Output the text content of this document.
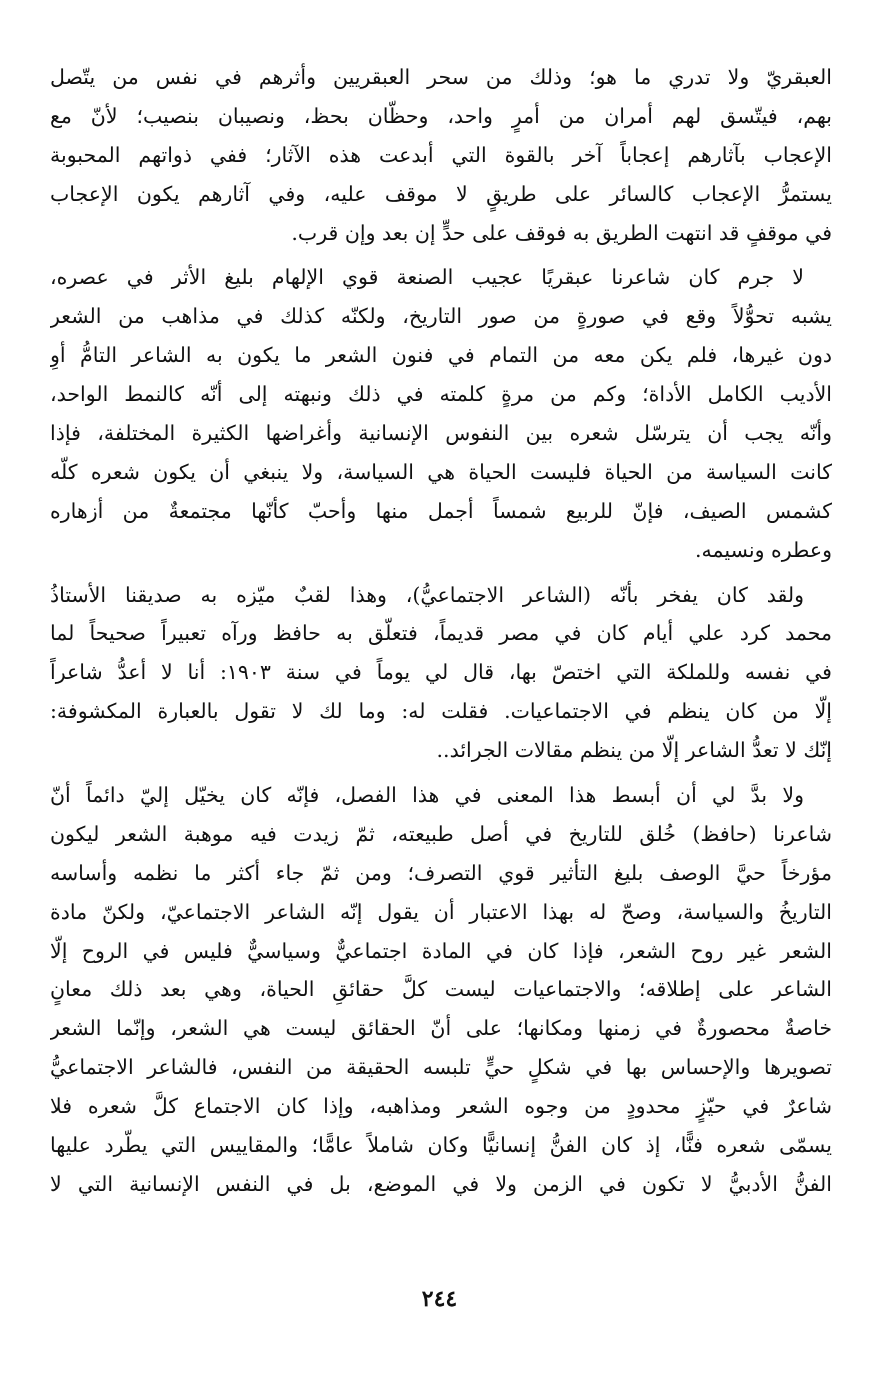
العبقريّ ولا تدري ما هو؛ وذلك من سحر العبقريين وأثرهم في نفس من يتّصل
بهم، فيتّسق لهم أمران من أمرٍ واحد، وحظّان بحظ، ونصيبان بنصيب؛ لأنّ مع
الإعجاب بآثارهم إعجاباً آخر بالقوة التي أبدعت هذه الآثار؛ ففي ذواتهم المحبوبة
يستمرُّ الإعجاب كالسائر على طريقٍ لا موقف عليه، وفي آثارهم يكون الإعجاب
في موقفٍ قد انتهت الطريق به فوقف على حدٍّ إن بعد وإن قرب.
لا جرم كان شاعرنا عبقريًا عجيب الصنعة قوي الإلهام بليغ الأثر في عصره،
يشبه تحوُّلاً وقع في صورةٍ من صور التاريخ، ولكنّه كذلك في مذاهب من الشعر
دون غيرها، فلم يكن معه من التمام في فنون الشعر ما يكون به الشاعر التامُّ أوِ
الأديب الكامل الأداة؛ وكم من مرةٍ كلمته في ذلك ونبهته إلى أنّه كالنمط الواحد،
وأنّه يجب أن يترسّل شعره بين النفوس الإنسانية وأغراضها الكثيرة المختلفة، فإذا
كانت السياسة من الحياة فليست الحياة هي السياسة، ولا ينبغي أن يكون شعره كلّه
كشمس الصيف، فإنّ للربيع شمساً أجمل منها وأحبّ كأنّها مجتمعةٌ من أزهاره
وعطره ونسيمه.
ولقد كان يفخر بأنّه (الشاعر الاجتماعيُّ)، وهذا لقبٌ ميّزه به صديقنا الأستاذُ
محمد كرد علي أيام كان في مصر قديماً، فتعلّق به حافظ ورآه تعبيراً صحيحاً لما
في نفسه وللملكة التي اختصّ بها، قال لي يوماً في سنة ١٩٠٣: أنا لا أعدُّ شاعراً
إلّا من كان ينظم في الاجتماعيات. فقلت له: وما لك لا تقول بالعبارة المكشوفة:
إنّك لا تعدُّ الشاعر إلّا من ينظم مقالات الجرائد..
ولا بدَّ لي أن أبسط هذا المعنى في هذا الفصل، فإنّه كان يخيّل إليّ دائماً أنّ
شاعرنا (حافظ) خُلق للتاريخ في أصل طبيعته، ثمّ زيدت فيه موهبة الشعر ليكون
مؤرخاً حيَّ الوصف بليغ التأثير قوي التصرف؛ ومن ثمّ جاء أكثر ما نظمه وأساسه
التاريخُ والسياسة، وصحّ له بهذا الاعتبار أن يقول إنّه الشاعر الاجتماعيّ، ولكنّ مادة
الشعر غير روح الشعر، فإذا كان في المادة اجتماعيٌّ وسياسيٌّ فليس في الروح إلّا
الشاعر على إطلاقه؛ والاجتماعيات ليست كلَّ حقائقِ الحياة، وهي بعد ذلك معانٍ
خاصةٌ محصورةٌ في زمنها ومكانها؛ على أنّ الحقائق ليست هي الشعر، وإنّما الشعر
تصويرها والإحساس بها في شكلٍ حيٍّ تلبسه الحقيقة من النفس، فالشاعر الاجتماعيُّ
شاعرٌ في حيّزٍ محدودٍ من وجوه الشعر ومذاهبه، وإذا كان الاجتماع كلَّ شعره فلا
يسمّى شعره فنًّا، إذ كان الفنُّ إنسانيًّا وكان شاملاً عامًّا؛ والمقاييس التي يطّرد عليها
الفنُّ الأدبيُّ لا تكون في الزمن ولا في الموضع، بل في النفس الإنسانية التي لا
٢٤٤
